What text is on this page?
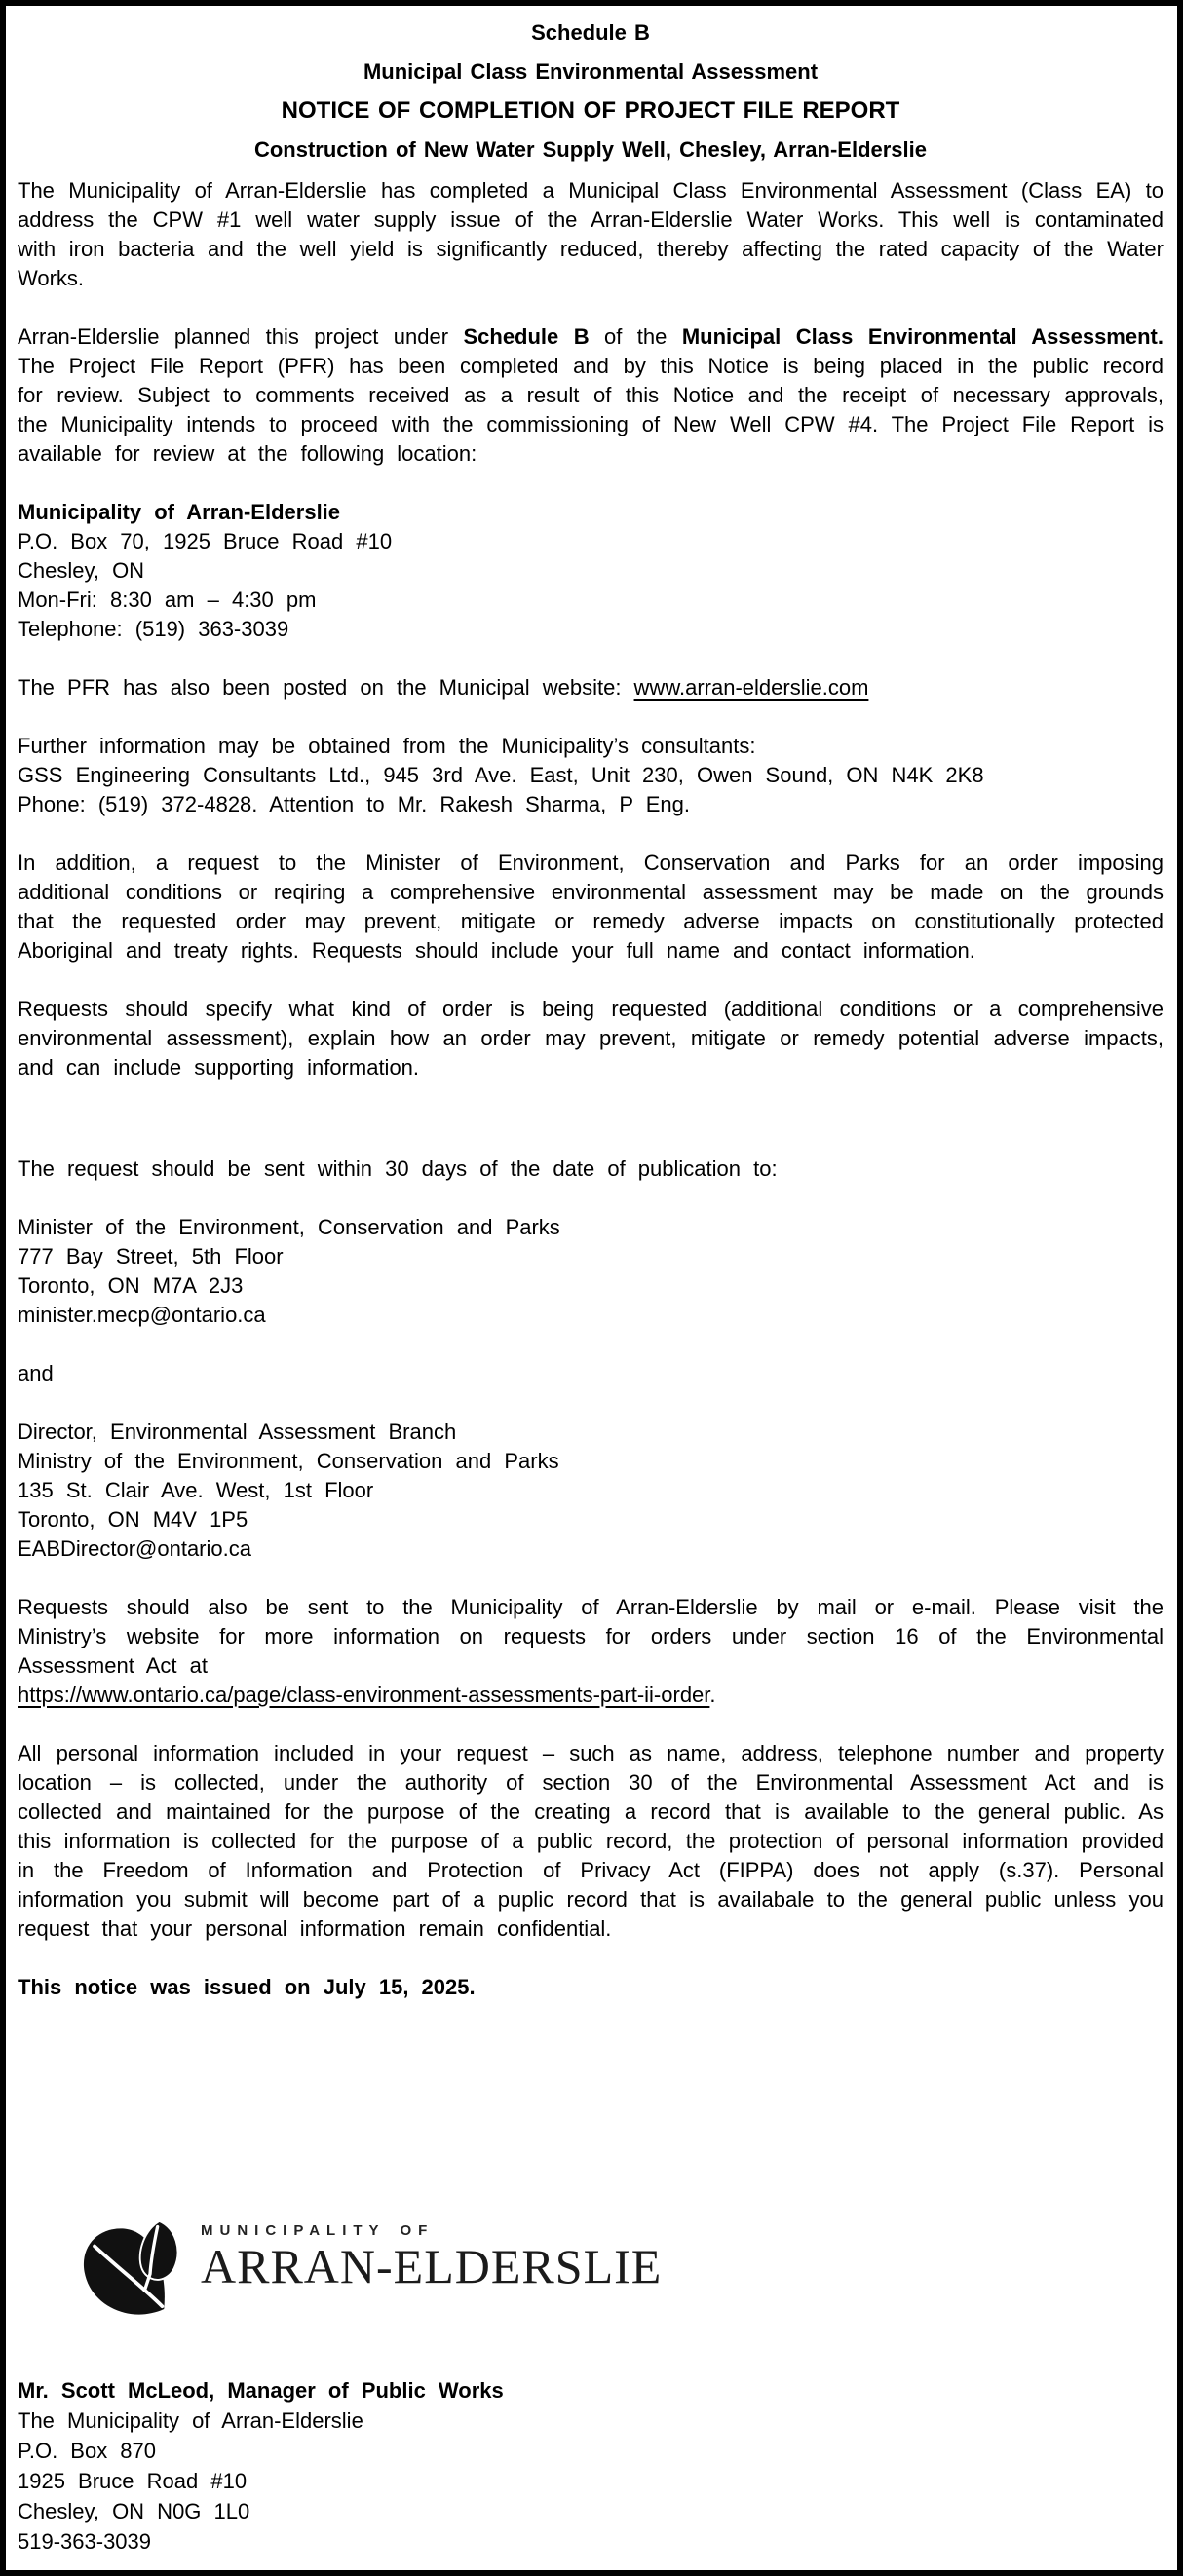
Schedule B
Municipal Class Environmental Assessment
NOTICE OF COMPLETION OF PROJECT FILE REPORT
Construction of New Water Supply Well, Chesley, Arran-Elderslie

The Municipality of Arran-Elderslie has completed a Municipal Class Environmental Assessment (Class EA) to address the CPW #1 well water supply issue of the Arran-Elderslie Water Works. This well is contaminated with iron bacteria and the well yield is significantly reduced, thereby affecting the rated capacity of the Water Works.

Arran-Elderslie planned this project under Schedule B of the Municipal Class Environmental Assessment. The Project File Report (PFR) has been completed and by this Notice is being placed in the public record for review. Subject to comments received as a result of this Notice and the receipt of necessary approvals, the Municipality intends to proceed with the commissioning of New Well CPW #4. The Project File Report is available for review at the following location:

Municipality of Arran-Elderslie
P.O. Box 70, 1925 Bruce Road #10
Chesley, ON
Mon-Fri: 8:30 am – 4:30 pm
Telephone: (519) 363-3039

The PFR has also been posted on the Municipal website: www.arran-elderslie.com

Further information may be obtained from the Municipality’s consultants:
GSS Engineering Consultants Ltd., 945 3rd Ave. East, Unit 230, Owen Sound, ON N4K 2K8
Phone: (519) 372-4828. Attention to Mr. Rakesh Sharma, P Eng.

In addition, a request to the Minister of Environment, Conservation and Parks for an order imposing additional conditions or reqiring a comprehensive environmental assessment may be made on the grounds that the requested order may prevent, mitigate or remedy adverse impacts on constitutionally protected Aboriginal and treaty rights. Requests should include your full name and contact information.

Requests should specify what kind of order is being requested (additional conditions or a comprehensive environmental assessment), explain how an order may prevent, mitigate or remedy potential adverse impacts, and can include supporting information.

The request should be sent within 30 days of the date of publication to:

Minister of the Environment, Conservation and Parks
777 Bay Street, 5th Floor
Toronto, ON M7A 2J3
minister.mecp@ontario.ca

and

Director, Environmental Assessment Branch
Ministry of the Environment, Conservation and Parks
135 St. Clair Ave. West, 1st Floor
Toronto, ON M4V 1P5
EABDirector@ontario.ca

Requests should also be sent to the Municipality of Arran-Elderslie by mail or e-mail. Please visit the Ministry’s website for more information on requests for orders under section 16 of the Environmental Assessment Act at
https://www.ontario.ca/page/class-environment-assessments-part-ii-order.

All personal information included in your request – such as name, address, telephone number and property location – is collected, under the authority of section 30 of the Environmental Assessment Act and is collected and maintained for the purpose of the creating a record that is available to the general public. As this information is collected for the purpose of a public record, the protection of personal information provided in the Freedom of Information and Protection of Privacy Act (FIPPA) does not apply (s.37). Personal information you submit will become part of a puplic record that is availabale to the general public unless you request that your personal information remain confidential.

This notice was issued on July 15, 2025.

MUNICIPALITY OF
ARRAN-ELDERSLIE
Mr. Scott McLeod, Manager of Public Works
The Municipality of Arran-Elderslie
P.O. Box 870
1925 Bruce Road #10
Chesley, ON N0G 1L0
519-363-3039
